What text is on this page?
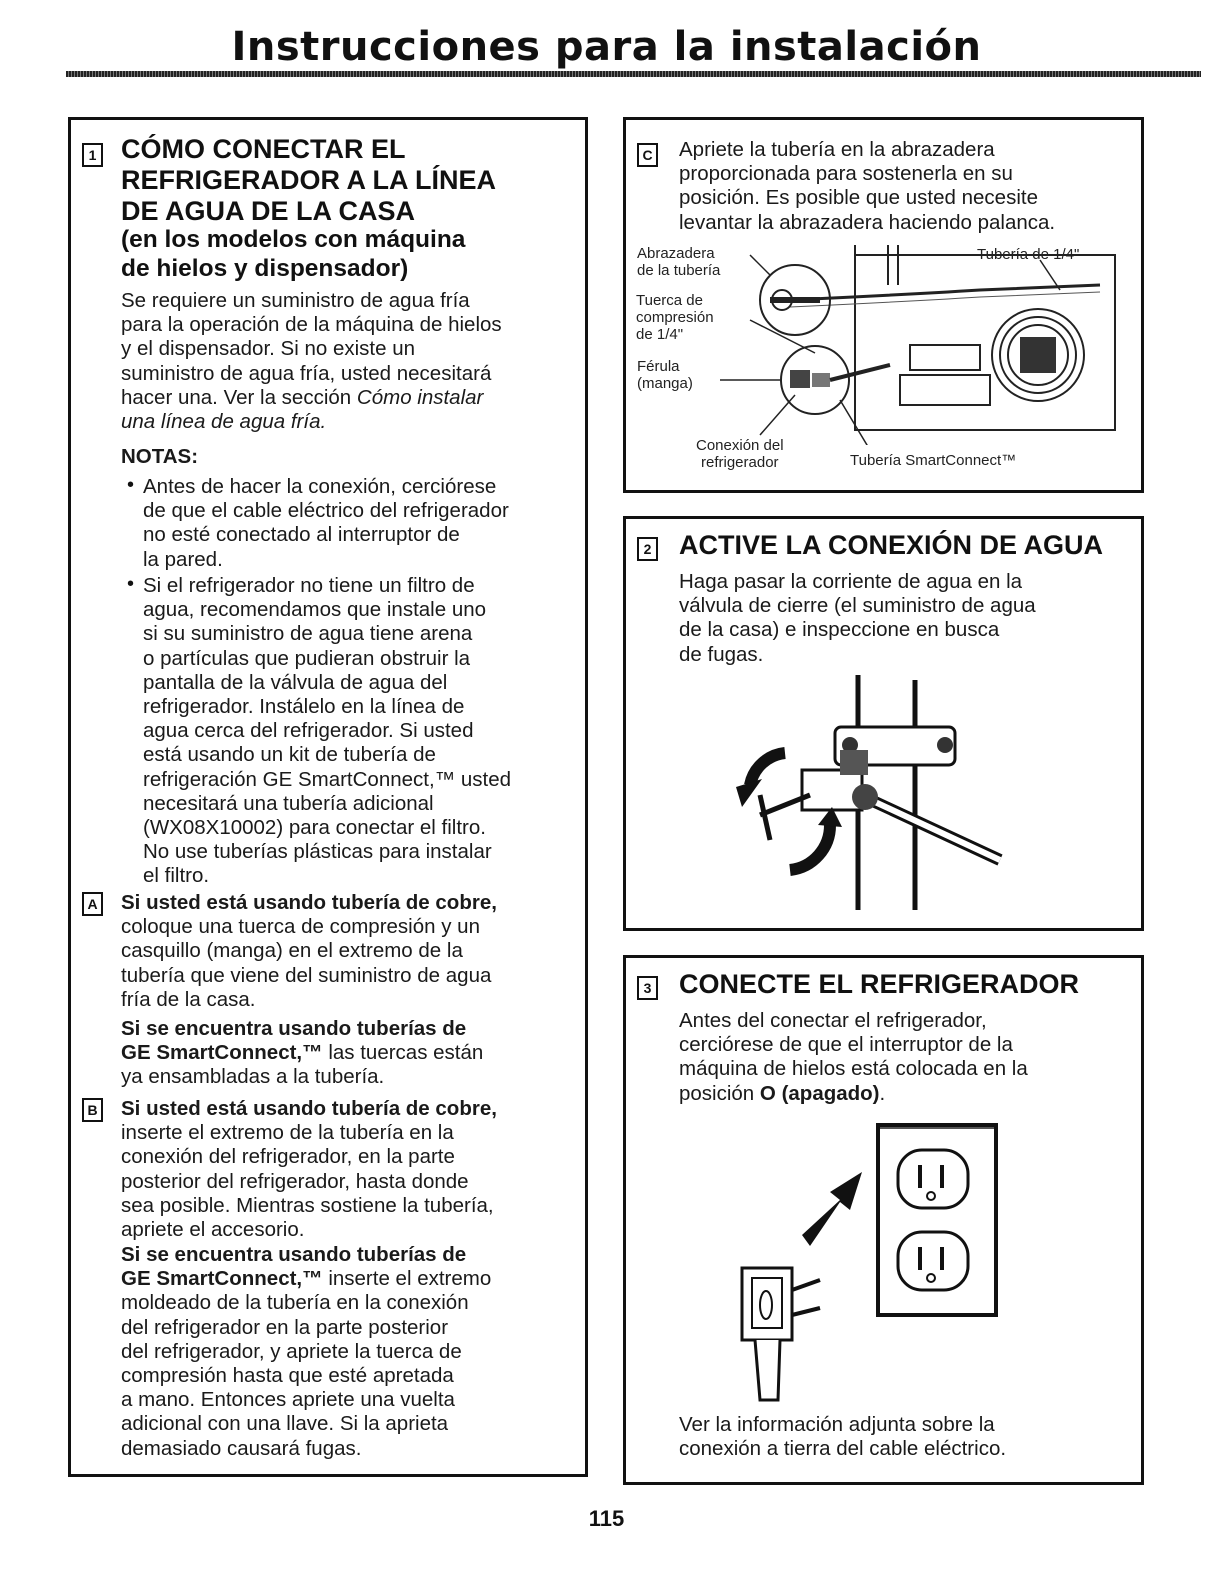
Instrucciones para la instalación
1 CÓMO CONECTAR EL
REFRIGERADOR A LA LÍNEA
DE AGUA DE LA CASA
(en los modelos con máquina
de hielos y dispensador)
Se requiere un suministro de agua fría
para la operación de la máquina de hielos
y el dispensador. Si no existe un
suministro de agua fría, usted necesitará
hacer una. Ver la sección Cómo instalar
una línea de agua fría.
NOTAS:
• Antes de hacer la conexión, cerciórese
de que el cable eléctrico del refrigerador
no esté conectado al interruptor de
la pared.
• Si el refrigerador no tiene un filtro de
agua, recomendamos que instale uno
si su suministro de agua tiene arena
o partículas que pudieran obstruir la
pantalla de la válvula de agua del
refrigerador. Instálelo en la línea de
agua cerca del refrigerador. Si usted
está usando un kit de tubería de
refrigeración GE SmartConnect,™ usted
necesitará una tubería adicional
(WX08X10002) para conectar el filtro.
No use tuberías plásticas para instalar
el filtro.
A Si usted está usando tubería de cobre,
coloque una tuerca de compresión y un
casquillo (manga) en el extremo de la
tubería que viene del suministro de agua
fría de la casa.
Si se encuentra usando tuberías de
GE SmartConnect,™ las tuercas están
ya ensambladas a la tubería.
B Si usted está usando tubería de cobre,
inserte el extremo de la tubería en la
conexión del refrigerador, en la parte
posterior del refrigerador, hasta donde
sea posible. Mientras sostiene la tubería,
apriete el accesorio.
Si se encuentra usando tuberías de
GE SmartConnect,™ inserte el extremo
moldeado de la tubería en la conexión
del refrigerador en la parte posterior
del refrigerador, y apriete la tuerca de
compresión hasta que esté apretada
a mano. Entonces apriete una vuelta
adicional con una llave. Si la aprieta
demasiado causará fugas.
C Apriete la tubería en la abrazadera
proporcionada para sostenerla en su
posición. Es posible que usted necesite
levantar la abrazadera haciendo palanca.
Abrazadera
de la tubería
Tuerca de
compresión
de 1/4"
Férula
(manga)
Conexión del
refrigerador
Tubería de 1/4"
Tubería SmartConnect™
2 ACTIVE LA CONEXIÓN DE AGUA
Haga pasar la corriente de agua en la
válvula de cierre (el suministro de agua
de la casa) e inspeccione en busca
de fugas.
3 CONECTE EL REFRIGERADOR
Antes del conectar el refrigerador,
cerciórese de que el interruptor de la
máquina de hielos está colocada en la
posición O (apagado).
Ver la información adjunta sobre la
conexión a tierra del cable eléctrico.
115
